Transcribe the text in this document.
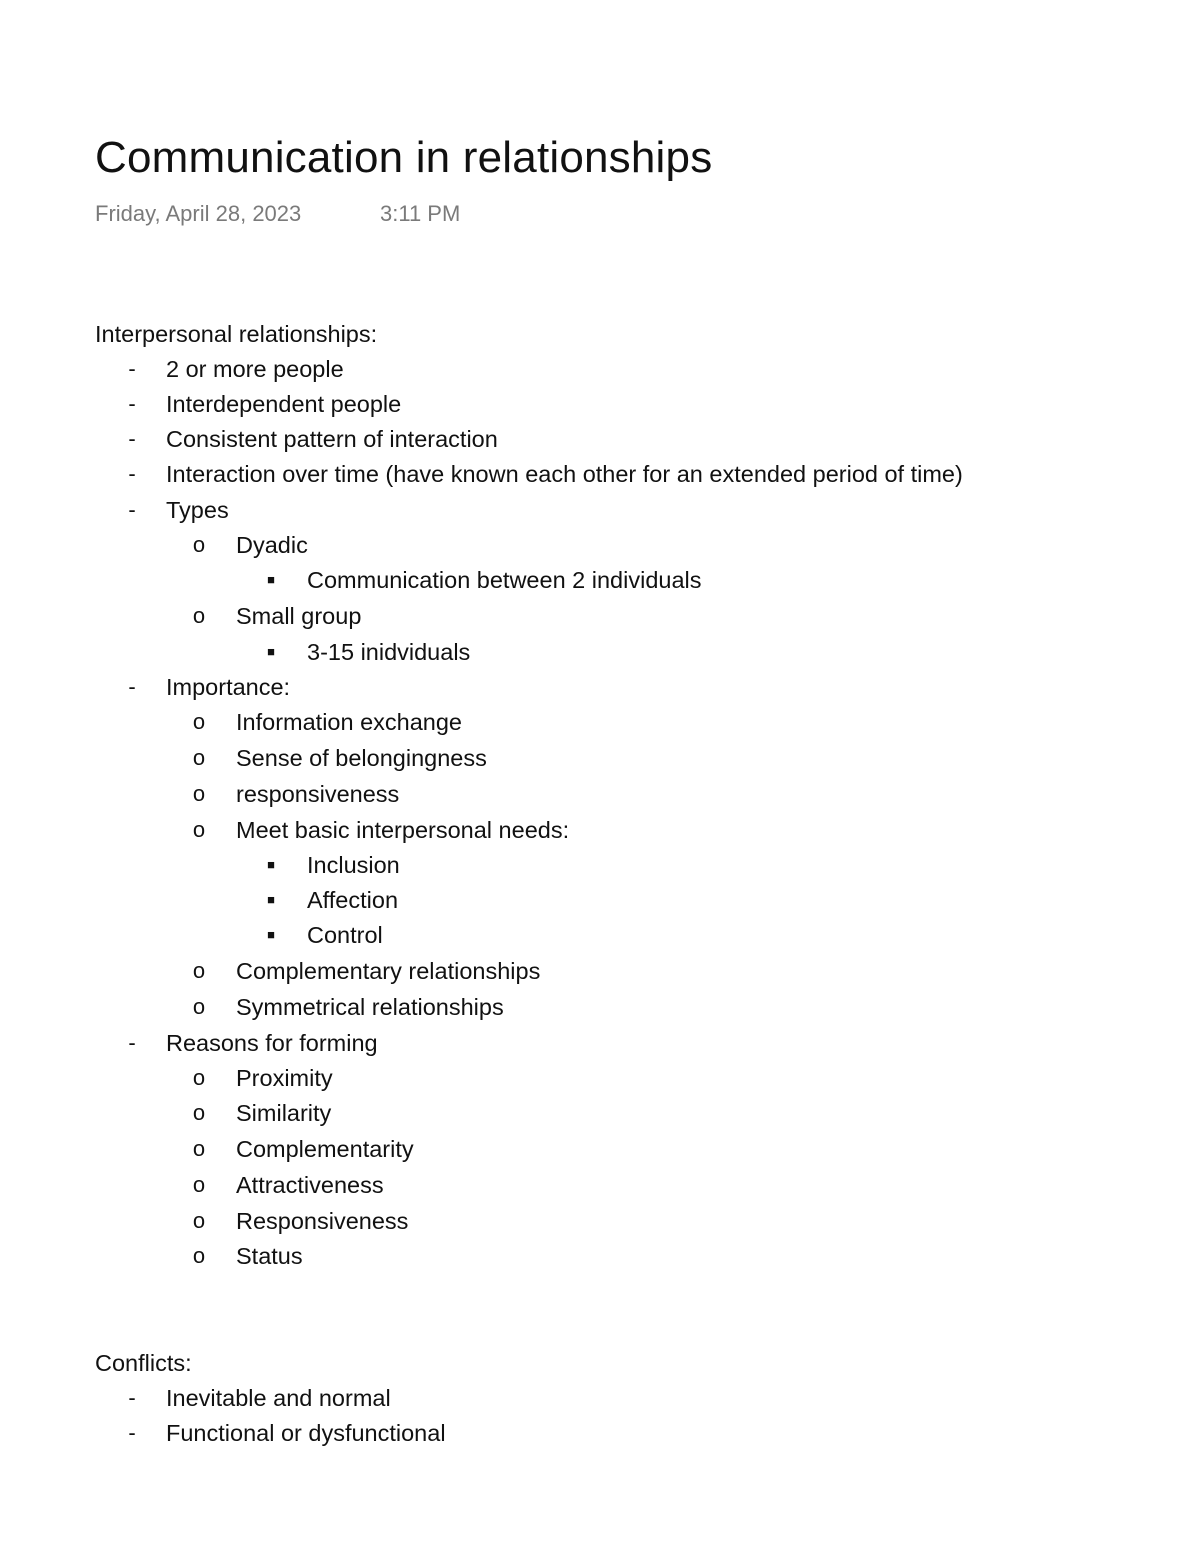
Communication in relationships
Friday, April 28, 2023	3:11 PM
Interpersonal relationships:
- 2 or more people
- Interdependent people
- Consistent pattern of interaction
- Interaction over time (have known each other for an extended period of time)
- Types
o Dyadic
■ Communication between 2 individuals
o Small group
■ 3-15 inidviduals
- Importance:
o Information exchange
o Sense of belongingness
o responsiveness
o Meet basic interpersonal needs:
■ Inclusion
■ Affection
■ Control
o Complementary relationships
o Symmetrical relationships
- Reasons for forming
o Proximity
o Similarity
o Complementarity
o Attractiveness
o Responsiveness
o Status
Conflicts:
- Inevitable and normal
- Functional or dysfunctional
